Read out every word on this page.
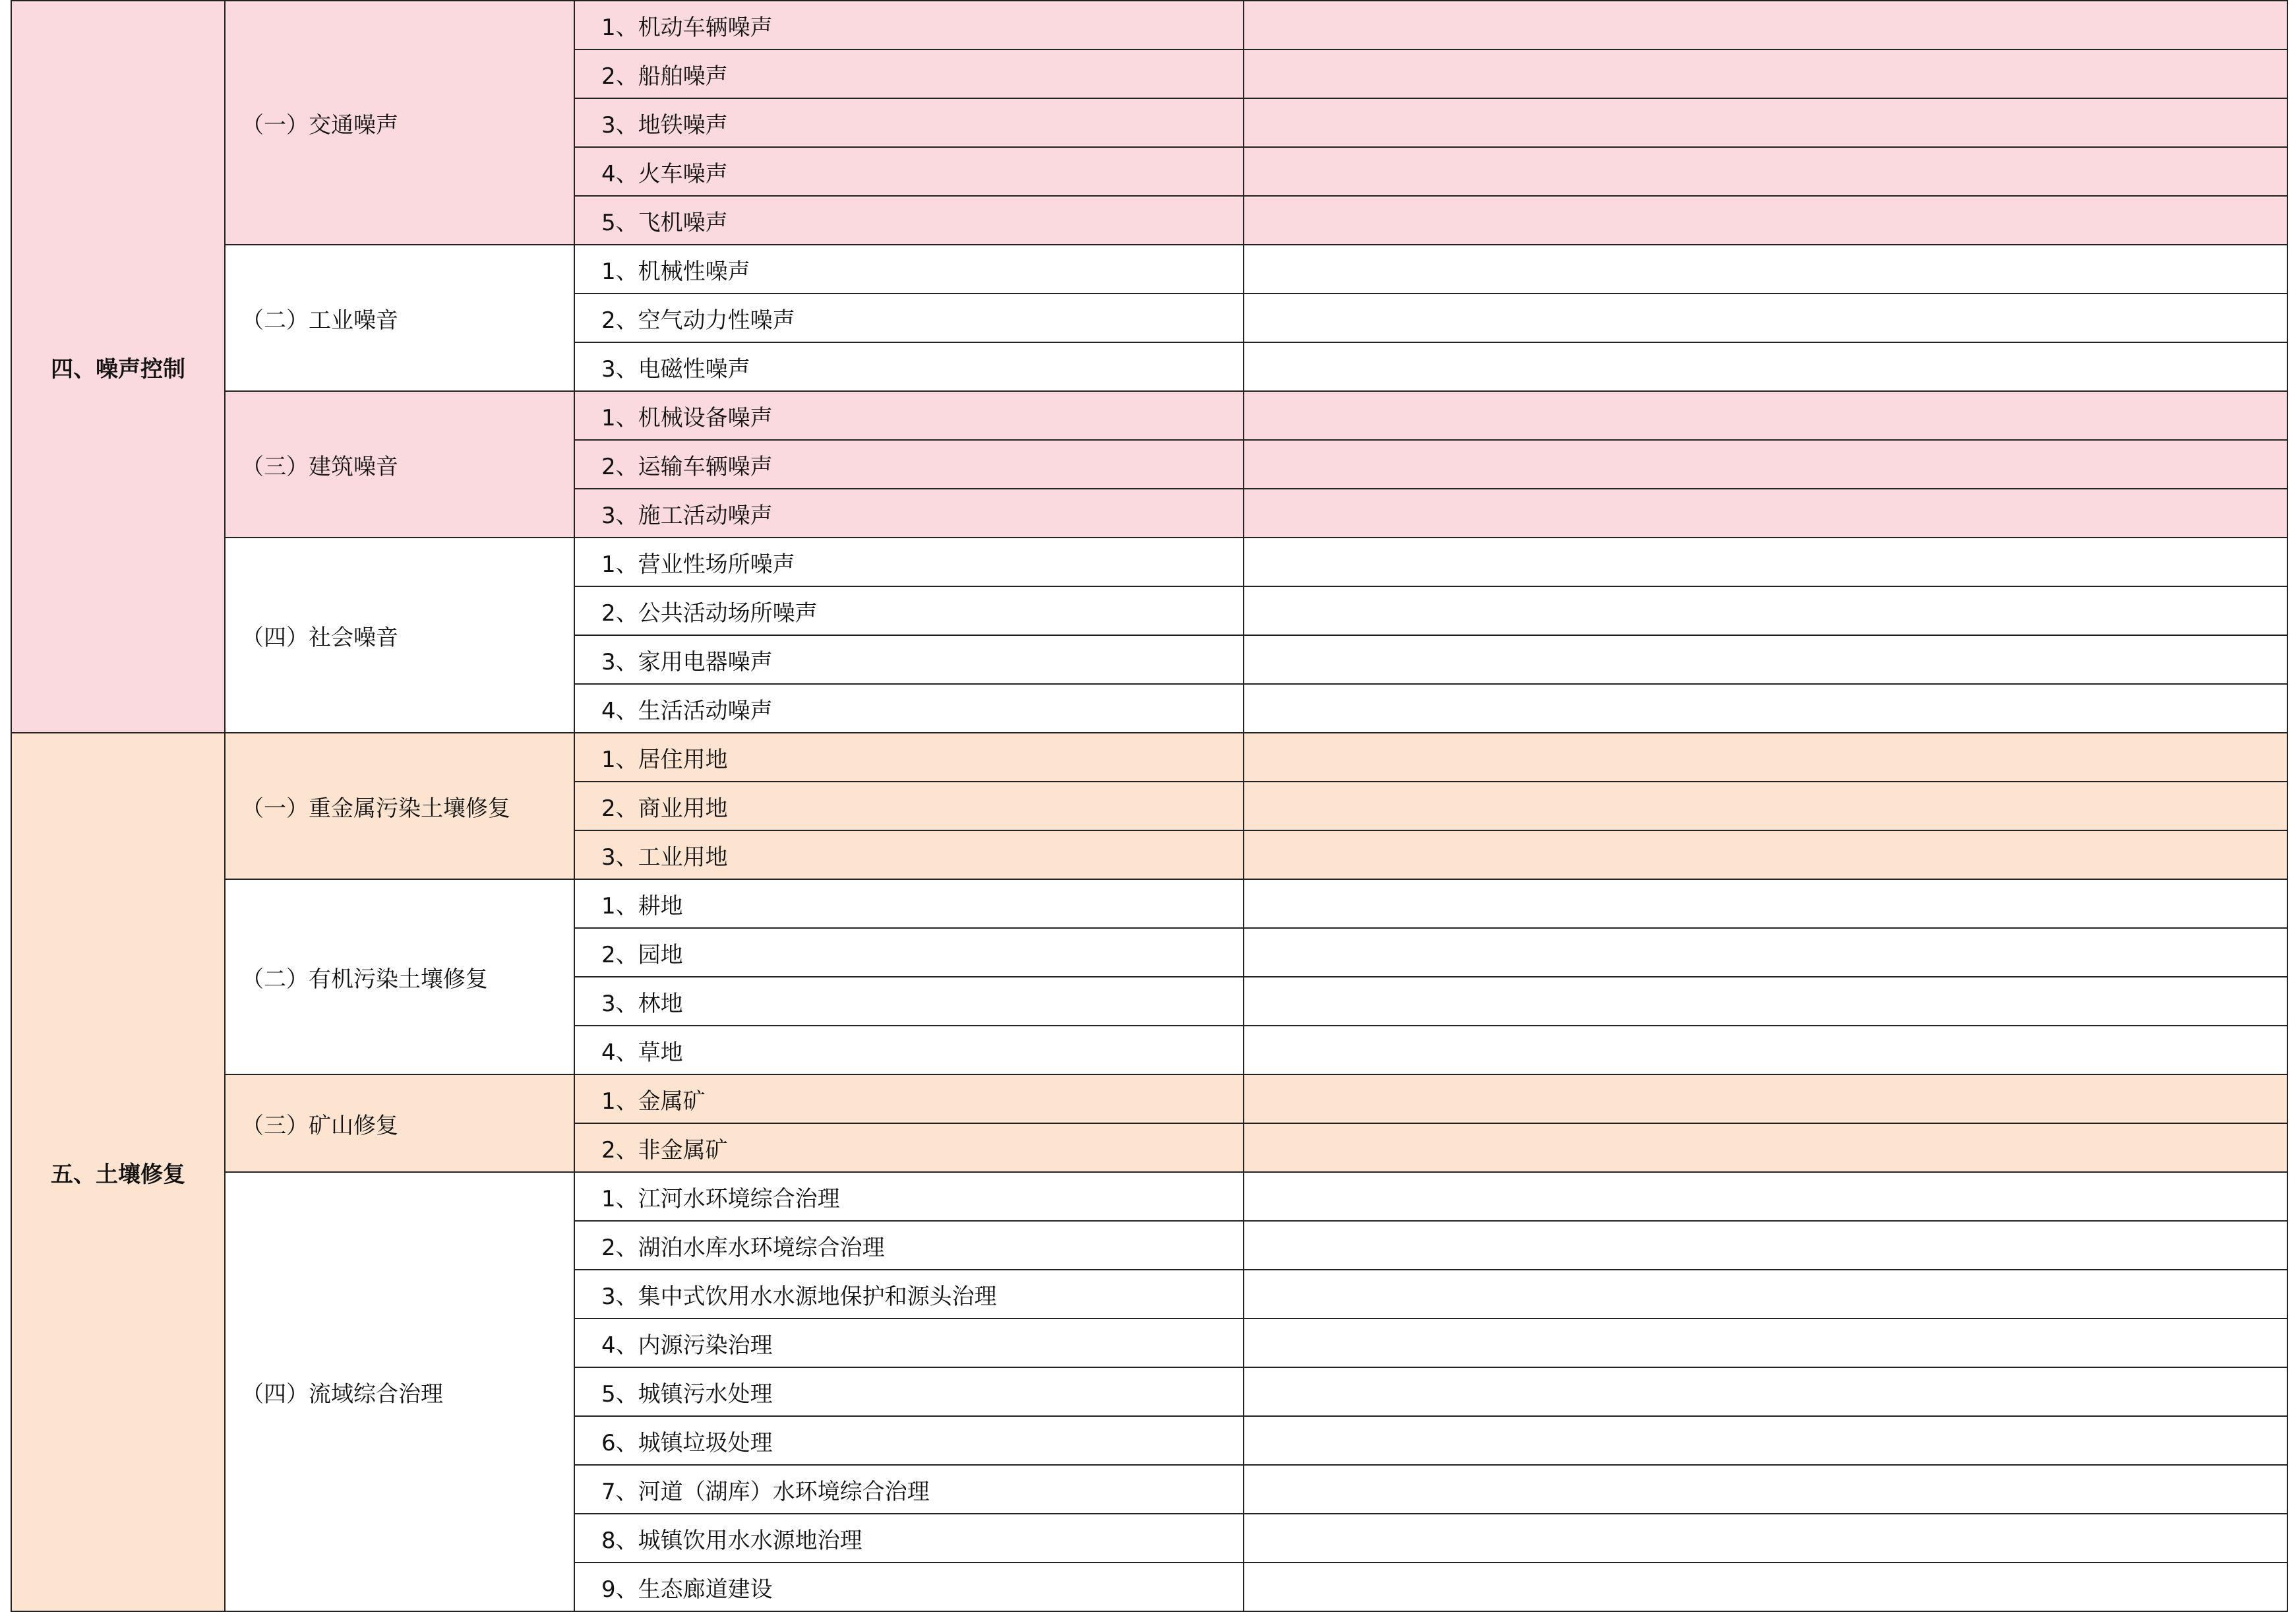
四、噪声控制
（一）交通噪声
1、机动车辆噪声
2、船舶噪声
3、地铁噪声
4、火车噪声
5、飞机噪声
（二）工业噪音
1、机械性噪声
2、空气动力性噪声
3、电磁性噪声
（三）建筑噪音
1、机械设备噪声
2、运输车辆噪声
3、施工活动噪声
（四）社会噪音
1、营业性场所噪声
2、公共活动场所噪声
3、家用电器噪声
4、生活活动噪声
五、土壤修复
（一）重金属污染土壤修复
1、居住用地
2、商业用地
3、工业用地
（二）有机污染土壤修复
1、耕地
2、园地
3、林地
4、草地
（三）矿山修复
1、金属矿
2、非金属矿
（四）流域综合治理
1、江河水环境综合治理
2、湖泊水库水环境综合治理
3、集中式饮用水水源地保护和源头治理
4、内源污染治理
5、城镇污水处理
6、城镇垃圾处理
7、河道（湖库）水环境综合治理
8、城镇饮用水水源地治理
9、生态廊道建设
